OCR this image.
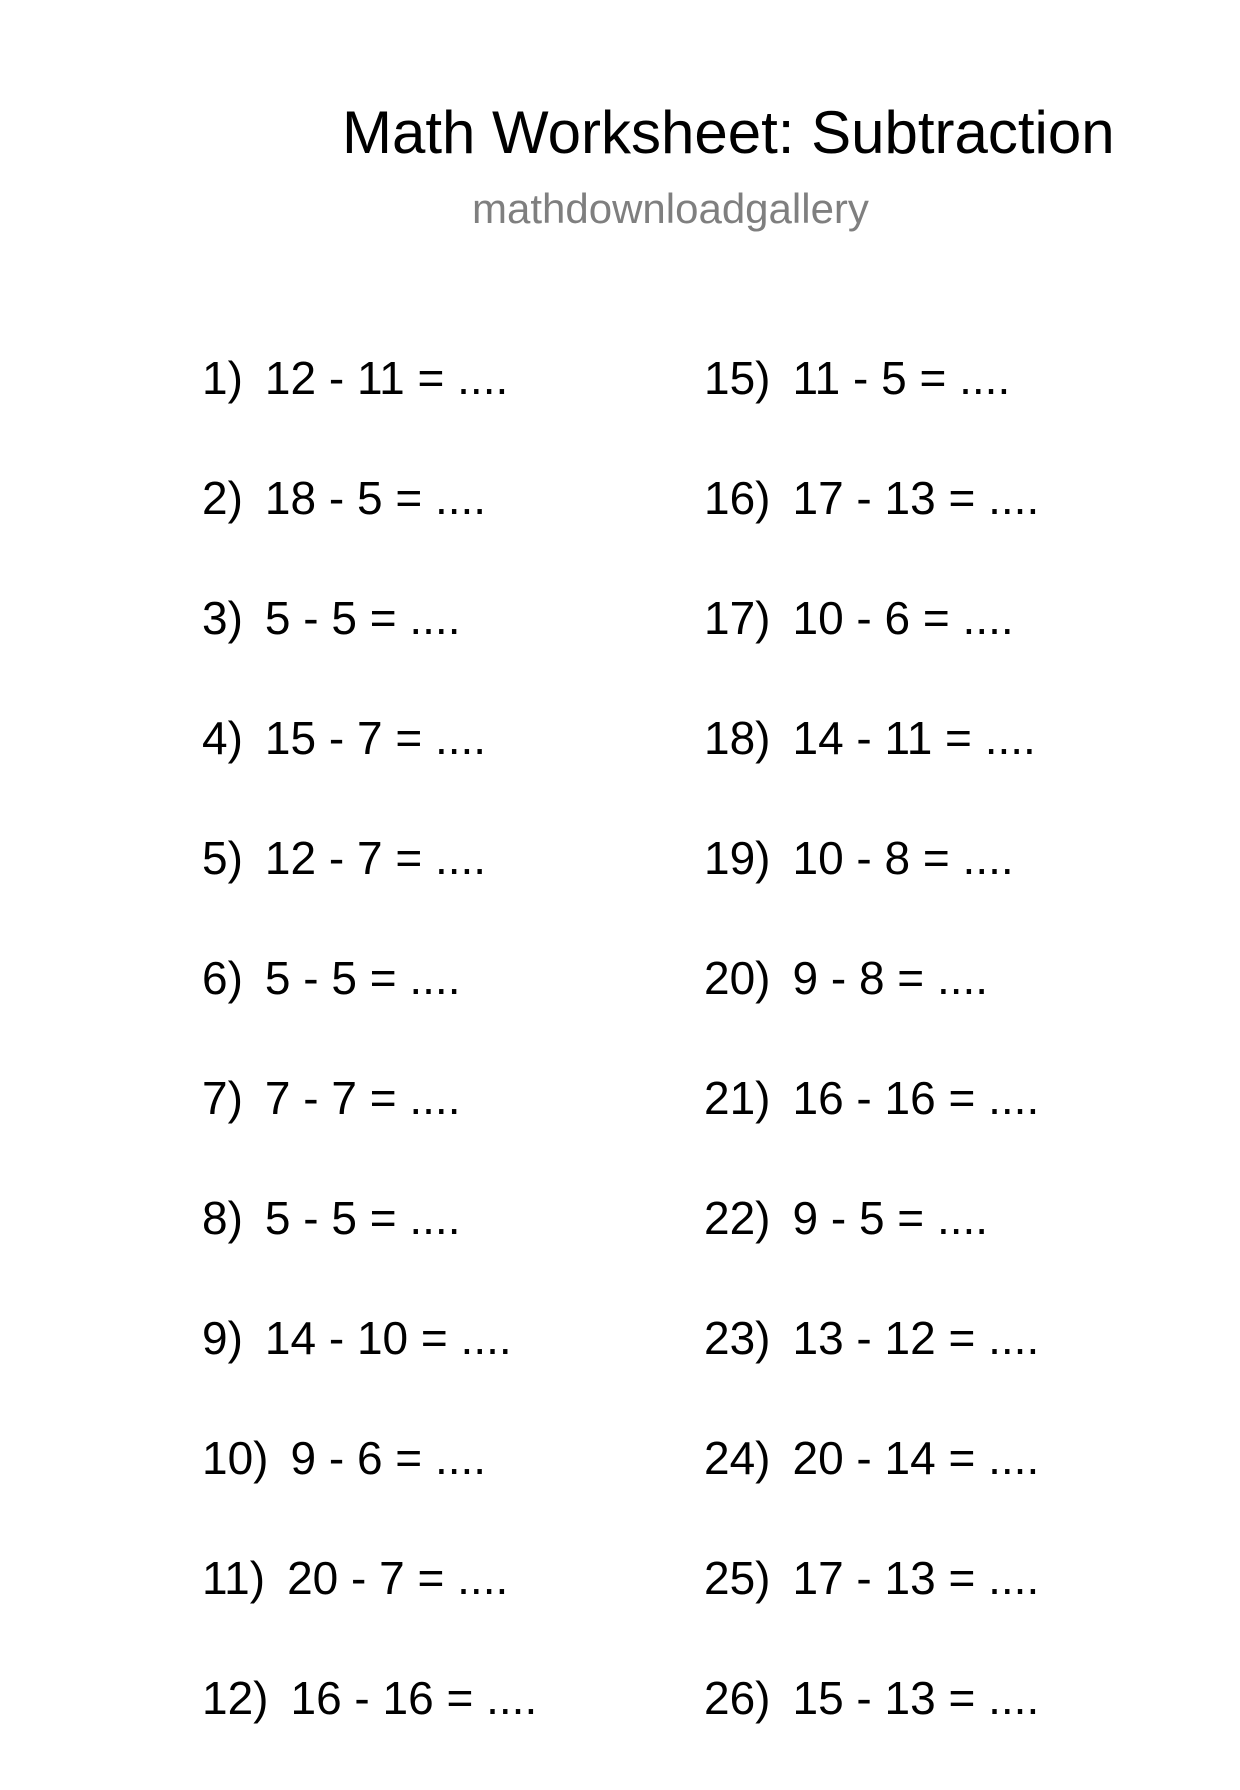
Math Worksheet: Subtraction
mathdownloadgallery
1) 12 - 11 = ....
2) 18 - 5 = ....
3) 5 - 5 = ....
4) 15 - 7 = ....
5) 12 - 7 = ....
6) 5 - 5 = ....
7) 7 - 7 = ....
8) 5 - 5 = ....
9) 14 - 10 = ....
10) 9 - 6 = ....
11) 20 - 7 = ....
12) 16 - 16 = ....
15) 11 - 5 = ....
16) 17 - 13 = ....
17) 10 - 6 = ....
18) 14 - 11 = ....
19) 10 - 8 = ....
20) 9 - 8 = ....
21) 16 - 16 = ....
22) 9 - 5 = ....
23) 13 - 12 = ....
24) 20 - 14 = ....
25) 17 - 13 = ....
26) 15 - 13 = ....
